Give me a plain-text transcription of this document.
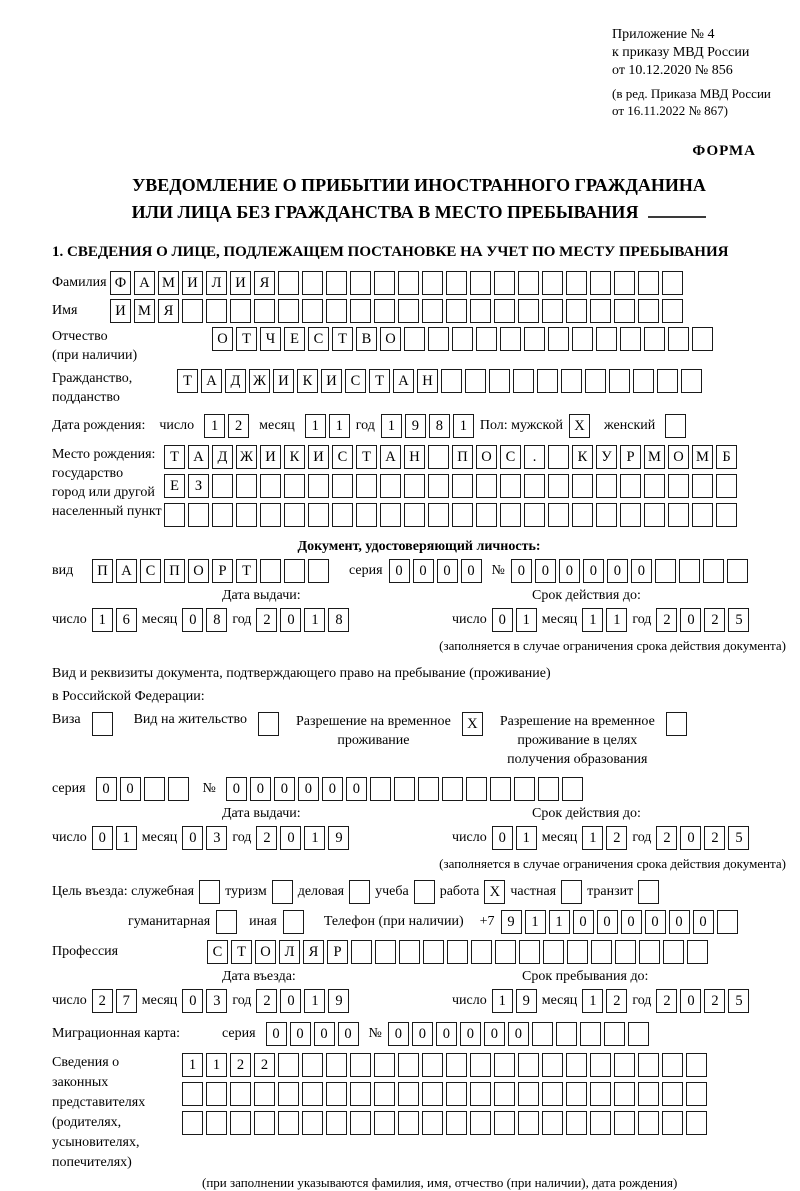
Приложение № 4
к приказу МВД России
от 10.12.2020 № 856
(в ред. Приказа МВД России
от 16.11.2022 № 867)
ФОРМА
УВЕДОМЛЕНИЕ О ПРИБЫТИИ ИНОСТРАННОГО ГРАЖДАНИНА
ИЛИ ЛИЦА БЕЗ ГРАЖДАНСТВА В МЕСТО ПРЕБЫВАНИЯ
1. СВЕДЕНИЯ О ЛИЦЕ, ПОДЛЕЖАЩЕМ ПОСТАНОВКЕ НА УЧЕТ ПО МЕСТУ ПРЕБЫВАНИЯ
Фамилия Ф А М И Л И Я
Имя	И М Я
Отчество
(при наличии)
О Т	Ч	Е	С	Т	В О
Гражданство,
подданство
Т А Д Ж И К И С	Т А Н
Дата рождения: число	1	2	месяц	1	1 год 1	9	8	1 Пол: мужской X	женский
Место рождения:
государство
город или другой
населенный пункт
Т А Д Ж И К И С	Т А Н	П О С	.	К У	Р М О М Б
Е	З
Документ, удостоверяющий личность:
вид	П А С П О	Р	Т	серия 0	0	0	0	№ 0	0	0	0	0	0
Дата выдачи:	Срок действия до:
число 1	6 месяц 0	8 год 2	0	1	8	число 0	1 месяц 1	1 год 2	0	2	5
(заполняется в случае ограничения срока действия документа)
Вид и реквизиты документа, подтверждающего право на пребывание (проживание)
в Российской Федерации:
Виза	Вид на жительство	Разрешение на временное
проживание
X	Разрешение на временное
проживание в целях
получения образования
серия	0	0	№	0	0	0	0	0	0
Дата выдачи:	Срок действия до:
число 0	1 месяц 0	3 год 2	0	1	9	число 0	1 месяц 1	2 год 2	0	2	5
(заполняется в случае ограничения срока действия документа)
Цель въезда: служебная туризм деловая учеба работа X частная транзит
гуманитарная	иная	Телефон (при наличии) +7 9	1	1	0	0	0	0	0	0
Профессия	С	Т О Л Я	Р
Дата въезда:	Срок пребывания до:
число 2	7 месяц 0	3 год 2	0	1	9	число 1	9 месяц 1	2 год 2	0	2	5
Миграционная карта:	серия	0	0	0	0	№ 0	0	0	0	0	0
Сведения о
законных
представителях
(родителях,
усыновителях,
попечителях)
1	1	2	2
(при заполнении указываются фамилия, имя, отчество (при наличии), дата рождения)
